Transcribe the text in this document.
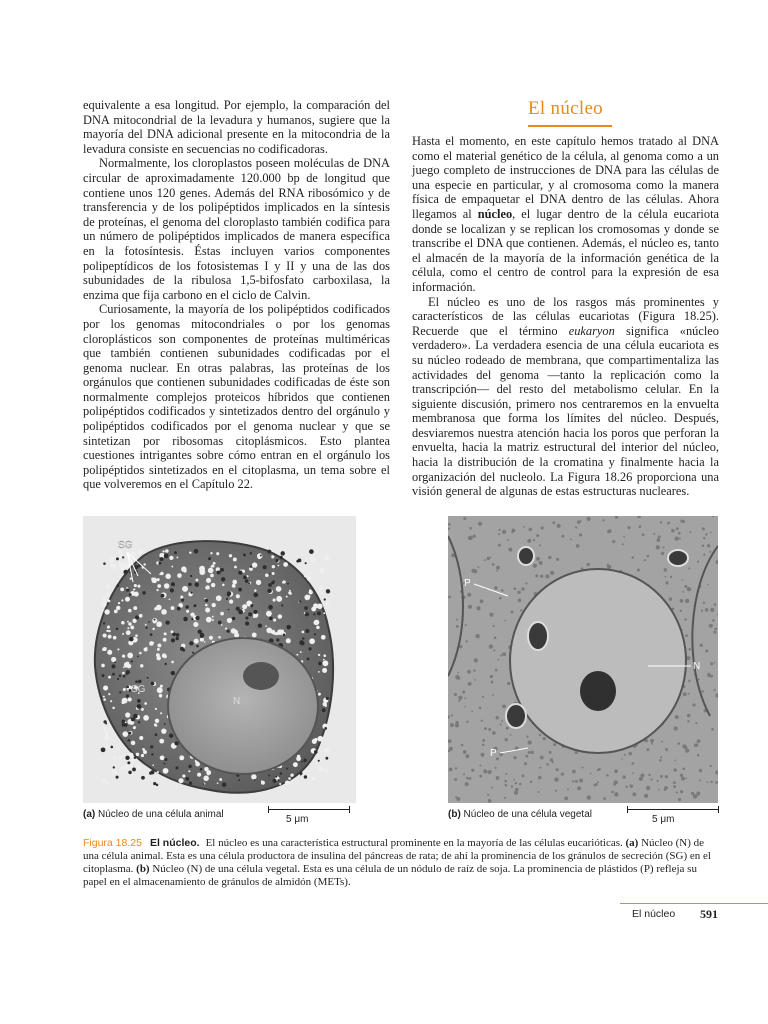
equivalente a esa longitud. Por ejemplo, la comparación del DNA mitocondrial de la levadura y humanos, sugiere que la mayoría del DNA adicional presente en la mitocondria de la levadura consiste en secuencias no codificadoras.

Normalmente, los cloroplastos poseen moléculas de DNA circular de aproximadamente 120.000 bp de longitud que contiene unos 120 genes. Además del RNA ribosómico y de transferencia y de los polipéptidos implicados en la síntesis de proteínas, el genoma del cloroplasto también codifica para un número de polipéptidos implicados de manera específica en la fotosíntesis. Éstas incluyen varios componentes polipeptídicos de los fotosistemas I y II y una de las dos subunidades de la ribulosa 1,5-bifosfato carboxilasa, la enzima que fija carbono en el ciclo de Calvin.

Curiosamente, la mayoría de los polipéptidos codificados por los genomas mitocondriales o por los genomas cloroplásticos son componentes de proteínas multiméricas que también contienen subunidades codificadas por el genoma nuclear. En otras palabras, las proteínas de los orgánulos que contienen subunidades codificadas de éste son normalmente complejos proteicos híbridos que contienen polipéptidos codificados y sintetizados dentro del orgánulo y polipéptidos codificados por el genoma nuclear y que se sintetizan por ribosomas citoplásmicos. Esto plantea cuestiones intrigantes sobre cómo entran en el orgánulo los polipéptidos sintetizados en el citoplasma, un tema sobre el que volveremos en el Capítulo 22.

El núcleo

Hasta el momento, en este capítulo hemos tratado al DNA como el material genético de la célula, al genoma como a un juego completo de instrucciones de DNA para las células de una especie en particular, y al cromosoma como la manera física de empaquetar el DNA dentro de las células. Ahora llegamos al núcleo, el lugar dentro de la célula eucariota donde se localizan y se replican los cromosomas y donde se transcribe el DNA que contienen. Además, el núcleo es, tanto el almacén de la mayoría de la información genética de la célula, como el centro de control para la expresión de esa información.

El núcleo es uno de los rasgos más prominentes y característicos de las células eucariotas (Figura 18.25). Recuerde que el término eukaryon significa «núcleo verdadero». La verdadera esencia de una célula eucariota es su núcleo rodeado de membrana, que compartimentaliza las actividades del genoma —tanto la replicación como la transcripción— del resto del metabolismo celular. En la siguiente discusión, primero nos centraremos en la envuelta membranosa que forma los límites del núcleo. Después, desviaremos nuestra atención hacia los poros que perforan la envuelta, hacia la matriz estructural del interior del núcleo, hacia la distribución de la cromatina y finalmente hacia la organización del nucleolo. La Figura 18.26 proporciona una visión general de algunas de estas estructuras nucleares.

SG
SG
N
P
P
N
(a) Núcleo de una célula animal	5 μm	(b) Núcleo de una célula vegetal	5 μm
Figura 18.25 El núcleo. El núcleo es una característica estructural prominente en la mayoría de las células eucarióticas. (a) Núcleo (N) de una célula animal. Esta es una célula productora de insulina del páncreas de rata; de ahí la prominencia de los gránulos de secreción (SG) en el citoplasma. (b) Núcleo (N) de una célula vegetal. Esta es una célula de un nódulo de raíz de soja. La prominencia de plástidos (P) refleja su papel en el almacenamiento de gránulos de almidón (METs).
El núcleo 591
